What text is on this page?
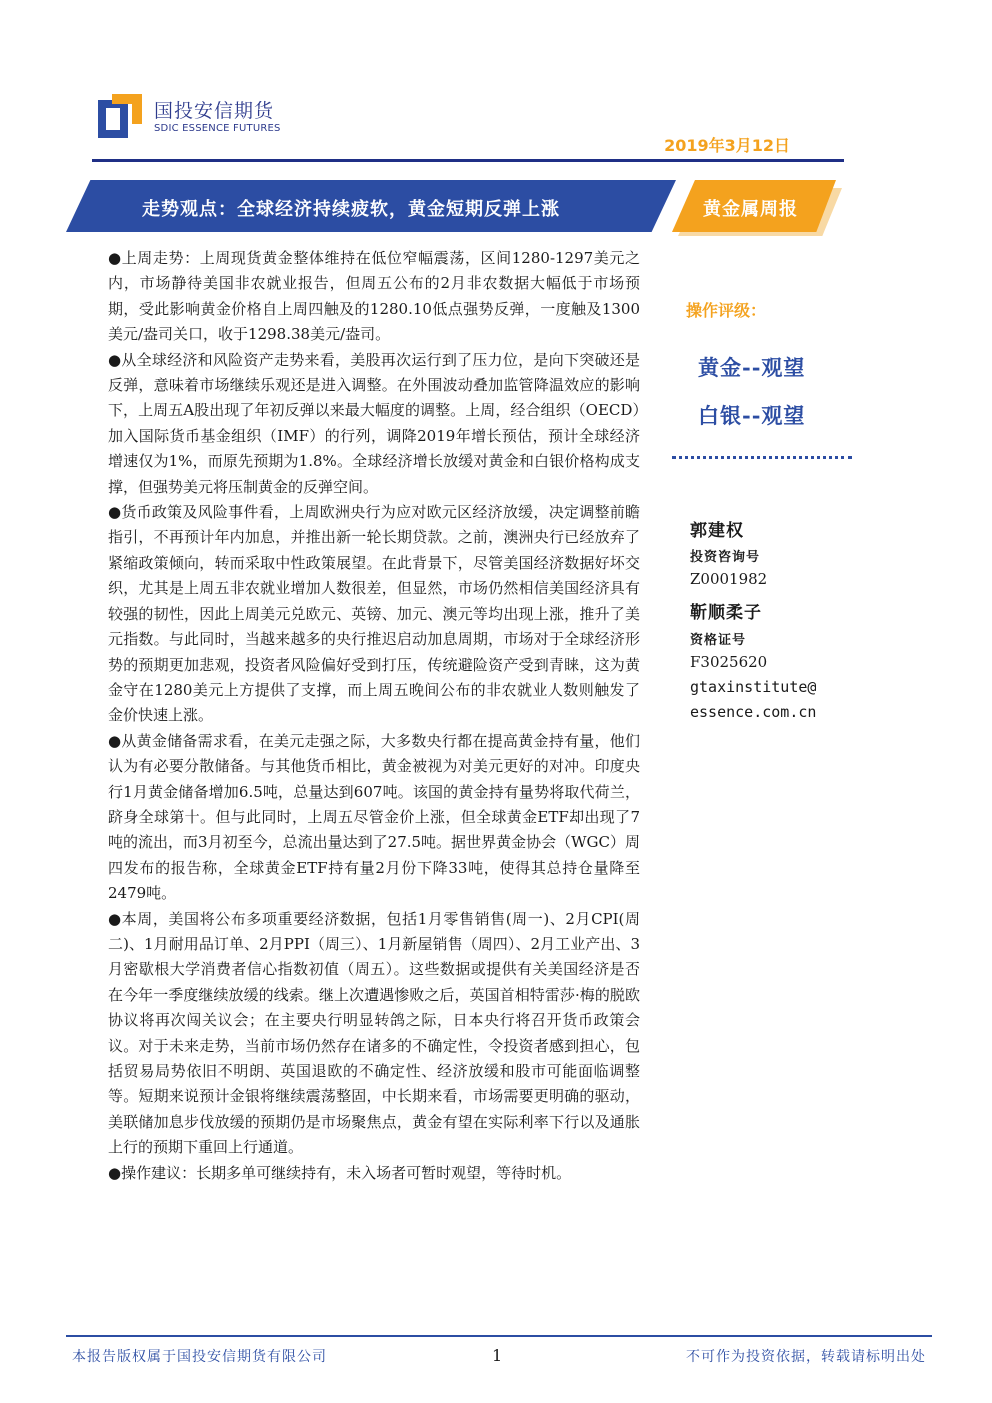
国投安信期货
SDIC ESSENCE FUTURES
2019年3月12日
走势观点：全球经济持续疲软，黄金短期反弹上涨	黄金属周报

●上周走势：上周现货黄金整体维持在低位窄幅震荡，区间1280-1297美元之内，市场静待美国非农就业报告，但周五公布的2月非农数据大幅低于市场预期，受此影响黄金价格自上周四触及的1280.10低点强势反弹，一度触及1300美元/盎司关口，收于1298.38美元/盎司。

●从全球经济和风险资产走势来看，美股再次运行到了压力位，是向下突破还是反弹，意味着市场继续乐观还是进入调整。在外围波动叠加监管降温效应的影响下，上周五A股出现了年初反弹以来最大幅度的调整。上周，经合组织（OECD）加入国际货币基金组织（IMF）的行列，调降2019年增长预估，预计全球经济增速仅为1%，而原先预期为1.8%。全球经济增长放缓对黄金和白银价格构成支撑，但强势美元将压制黄金的反弹空间。

●货币政策及风险事件看，上周欧洲央行为应对欧元区经济放缓，决定调整前瞻指引，不再预计年内加息，并推出新一轮长期贷款。之前，澳洲央行已经放弃了紧缩政策倾向，转而采取中性政策展望。在此背景下，尽管美国经济数据好坏交织，尤其是上周五非农就业增加人数很差，但显然，市场仍然相信美国经济具有较强的韧性，因此上周美元兑欧元、英镑、加元、澳元等均出现上涨，推升了美元指数。与此同时，当越来越多的央行推迟启动加息周期，市场对于全球经济形势的预期更加悲观，投资者风险偏好受到打压，传统避险资产受到青睐，这为黄金守在1280美元上方提供了支撑，而上周五晚间公布的非农就业人数则触发了金价快速上涨。

●从黄金储备需求看，在美元走强之际，大多数央行都在提高黄金持有量，他们认为有必要分散储备。与其他货币相比，黄金被视为对美元更好的对冲。印度央行1月黄金储备增加6.5吨，总量达到607吨。该国的黄金持有量势将取代荷兰，跻身全球第十。但与此同时，上周五尽管金价上涨，但全球黄金ETF却出现了7吨的流出，而3月初至今，总流出量达到了27.5吨。据世界黄金协会（WGC）周四发布的报告称，全球黄金ETF持有量2月份下降33吨，使得其总持仓量降至2479吨。

●本周，美国将公布多项重要经济数据，包括1月零售销售(周一)、2月CPI(周二)、1月耐用品订单、2月PPI（周三）、1月新屋销售（周四）、2月工业产出、3月密歇根大学消费者信心指数初值（周五）。这些数据或提供有关美国经济是否在今年一季度继续放缓的线索。继上次遭遇惨败之后，英国首相特雷莎·梅的脱欧协议将再次闯关议会；在主要央行明显转鸽之际，日本央行将召开货币政策会议。对于未来走势，当前市场仍然存在诸多的不确定性，令投资者感到担心，包括贸易局势依旧不明朗、英国退欧的不确定性、经济放缓和股市可能面临调整等。短期来说预计金银将继续震荡整固，中长期来看，市场需要更明确的驱动，美联储加息步伐放缓的预期仍是市场聚焦点，黄金有望在实际利率下行以及通胀上行的预期下重回上行通道。

●操作建议：长期多单可继续持有，未入场者可暂时观望，等待时机。

操作评级：
黄金--观望
白银--观望
郭建权
投资咨询号
Z0001982
靳顺柔子
资格证号
F3025620
gtaxinstitute@
essence.com.cn
本报告版权属于国投安信期货有限公司	1	不可作为投资依据，转载请标明出处
